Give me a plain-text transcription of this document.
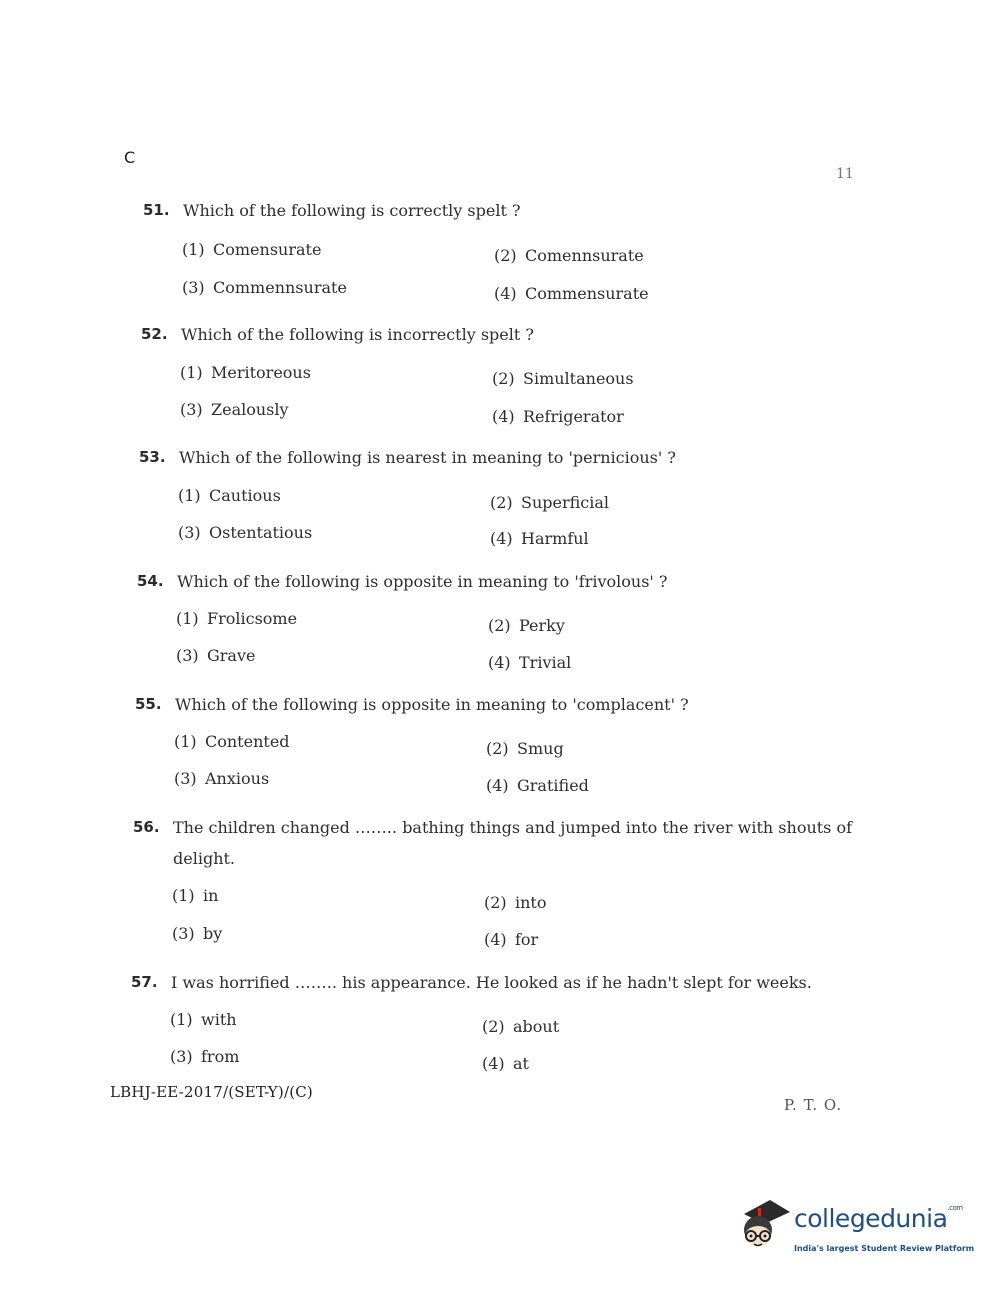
C
11
51. Which of the following is correctly spelt ?
(1) Comensurate	(2) Comennsurate
(3) Commennsurate	(4) Commensurate
52. Which of the following is incorrectly spelt ?
(1) Meritoreous	(2) Simultaneous
(3) Zealously	(4) Refrigerator
53. Which of the following is nearest in meaning to 'pernicious' ?
(1) Cautious	(2) Superficial
(3) Ostentatious	(4) Harmful
54. Which of the following is opposite in meaning to 'frivolous' ?
(1) Frolicsome	(2) Perky
(3) Grave	(4) Trivial
55. Which of the following is opposite in meaning to 'complacent' ?
(1) Contented	(2) Smug
(3) Anxious	(4) Gratified
56. The children changed …….. bathing things and jumped into the river with shouts of delight.
(1) in	(2) into
(3) by	(4) for
57. I was horrified …….. his appearance. He looked as if he hadn't slept for weeks.
(1) with	(2) about
(3) from	(4) at
LBHJ-EE-2017/(SET-Y)/(C)
P. T. O.
collegedunia$^{.com}$
India's largest Student Review Platform
